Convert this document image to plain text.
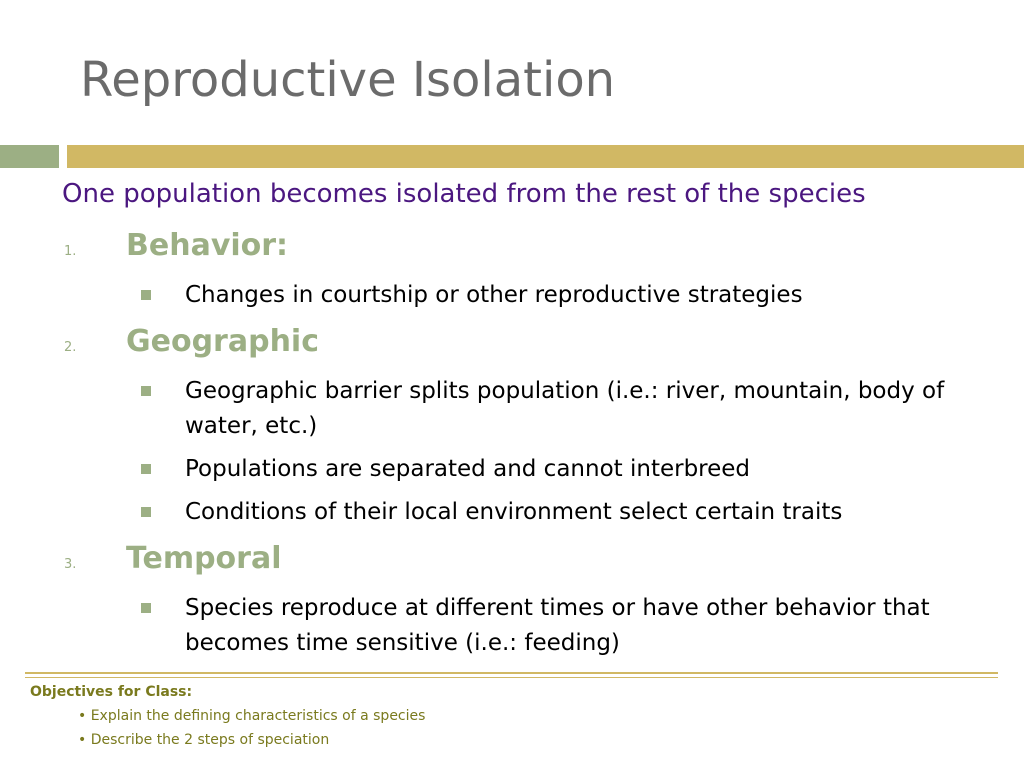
Reproductive Isolation
One population becomes isolated from the rest of the species
1. Behavior:
Changes in courtship or other reproductive strategies
2. Geographic
Geographic barrier splits population (i.e.: river, mountain, body of water, etc.)
Populations are separated and cannot interbreed
Conditions of their local environment select certain traits
3. Temporal
Species reproduce at different times or have other behavior that becomes time sensitive (i.e.: feeding)
Objectives for Class:
• Explain the defining characteristics of a species
• Describe the 2 steps of speciation
